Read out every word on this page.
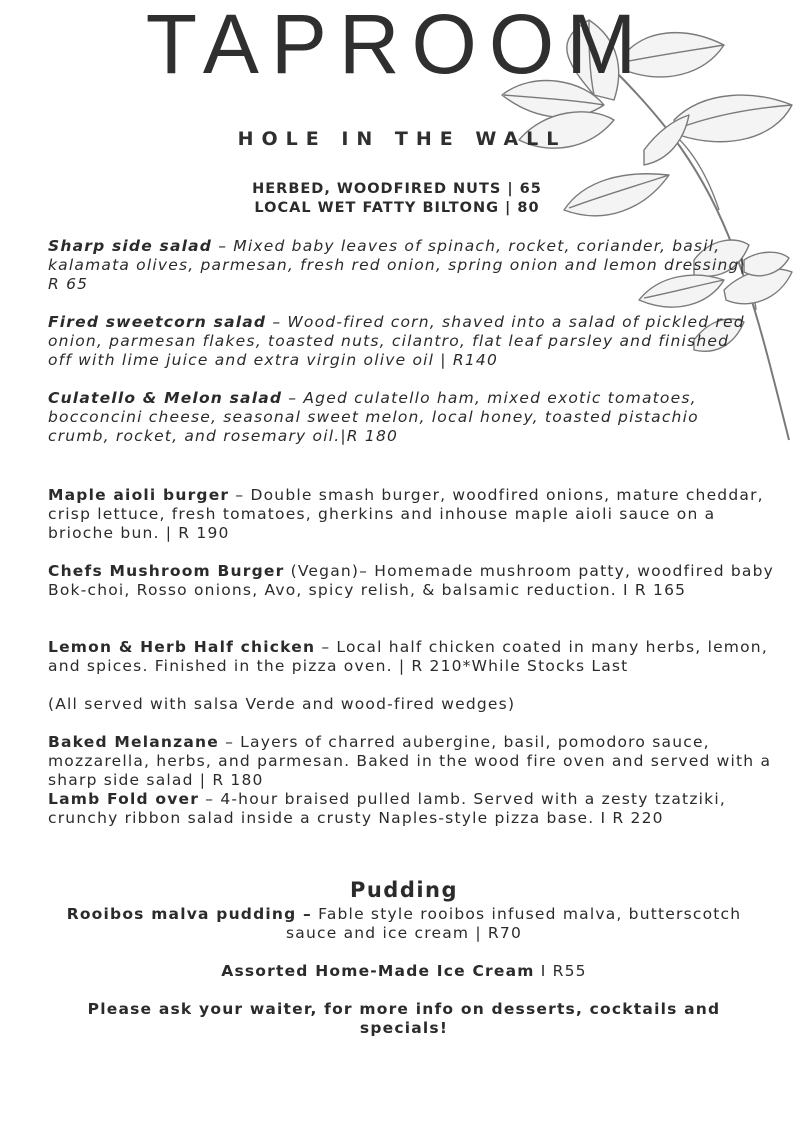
TAPROOM
HOLE IN THE WALL
HERBED, WOODFIRED NUTS | 65
LOCAL WET FATTY BILTONG | 80

Sharp side salad – Mixed baby leaves of spinach, rocket, coriander, basil, kalamata olives, parmesan, fresh red onion, spring onion and lemon dressing| R 65

Fired sweetcorn salad – Wood-fired corn, shaved into a salad of pickled red onion, parmesan flakes, toasted nuts, cilantro, flat leaf parsley and finished off with lime juice and extra virgin olive oil | R140

Culatello & Melon salad – Aged culatello ham, mixed exotic tomatoes, bocconcini cheese, seasonal sweet melon, local honey, toasted pistachio crumb, rocket, and rosemary oil.|R 180

Maple aioli burger – Double smash burger, woodfired onions, mature cheddar, crisp lettuce, fresh tomatoes, gherkins and inhouse maple aioli sauce on a brioche bun. | R 190

Chefs Mushroom Burger (Vegan)– Homemade mushroom patty, woodfired baby Bok-choi, Rosso onions, Avo, spicy relish, & balsamic reduction. I R 165

Lemon & Herb Half chicken – Local half chicken coated in many herbs, lemon, and spices. Finished in the pizza oven. | R 210*While Stocks Last

(All served with salsa Verde and wood-fired wedges)

Baked Melanzane – Layers of charred aubergine, basil, pomodoro sauce, mozzarella, herbs, and parmesan. Baked in the wood fire oven and served with a sharp side salad | R 180

Lamb Fold over – 4-hour braised pulled lamb. Served with a zesty tzatziki, crunchy ribbon salad inside a crusty Naples-style pizza base. I R 220

Pudding
Rooibos malva pudding – Fable style rooibos infused malva, butterscotch sauce and ice cream | R70
Assorted Home-Made Ice Cream I R55
Please ask your waiter, for more info on desserts, cocktails and specials!
